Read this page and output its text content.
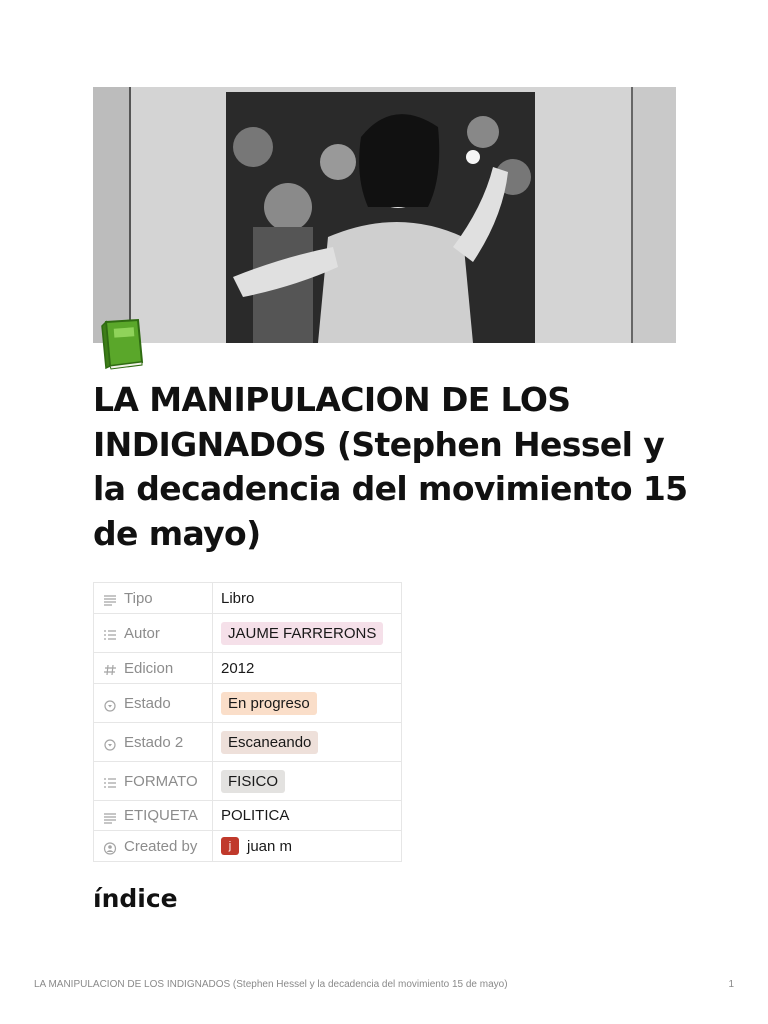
LA MANIPULACION DE LOS INDIGNADOS (Stephen Hessel y la decadencia del movimiento 15 de mayo)
Tipo	Libro

Autor	JAUME FARRERONS

Edicion	2012

Estado	En progreso

Estado 2	Escaneando

FORMATO	FISICO

ETIQUETA	POLITICA

Created by	j juan m
índice
LA MANIPULACION DE LOS INDIGNADOS (Stephen Hessel y la decadencia del movimiento 15 de mayo)	1
